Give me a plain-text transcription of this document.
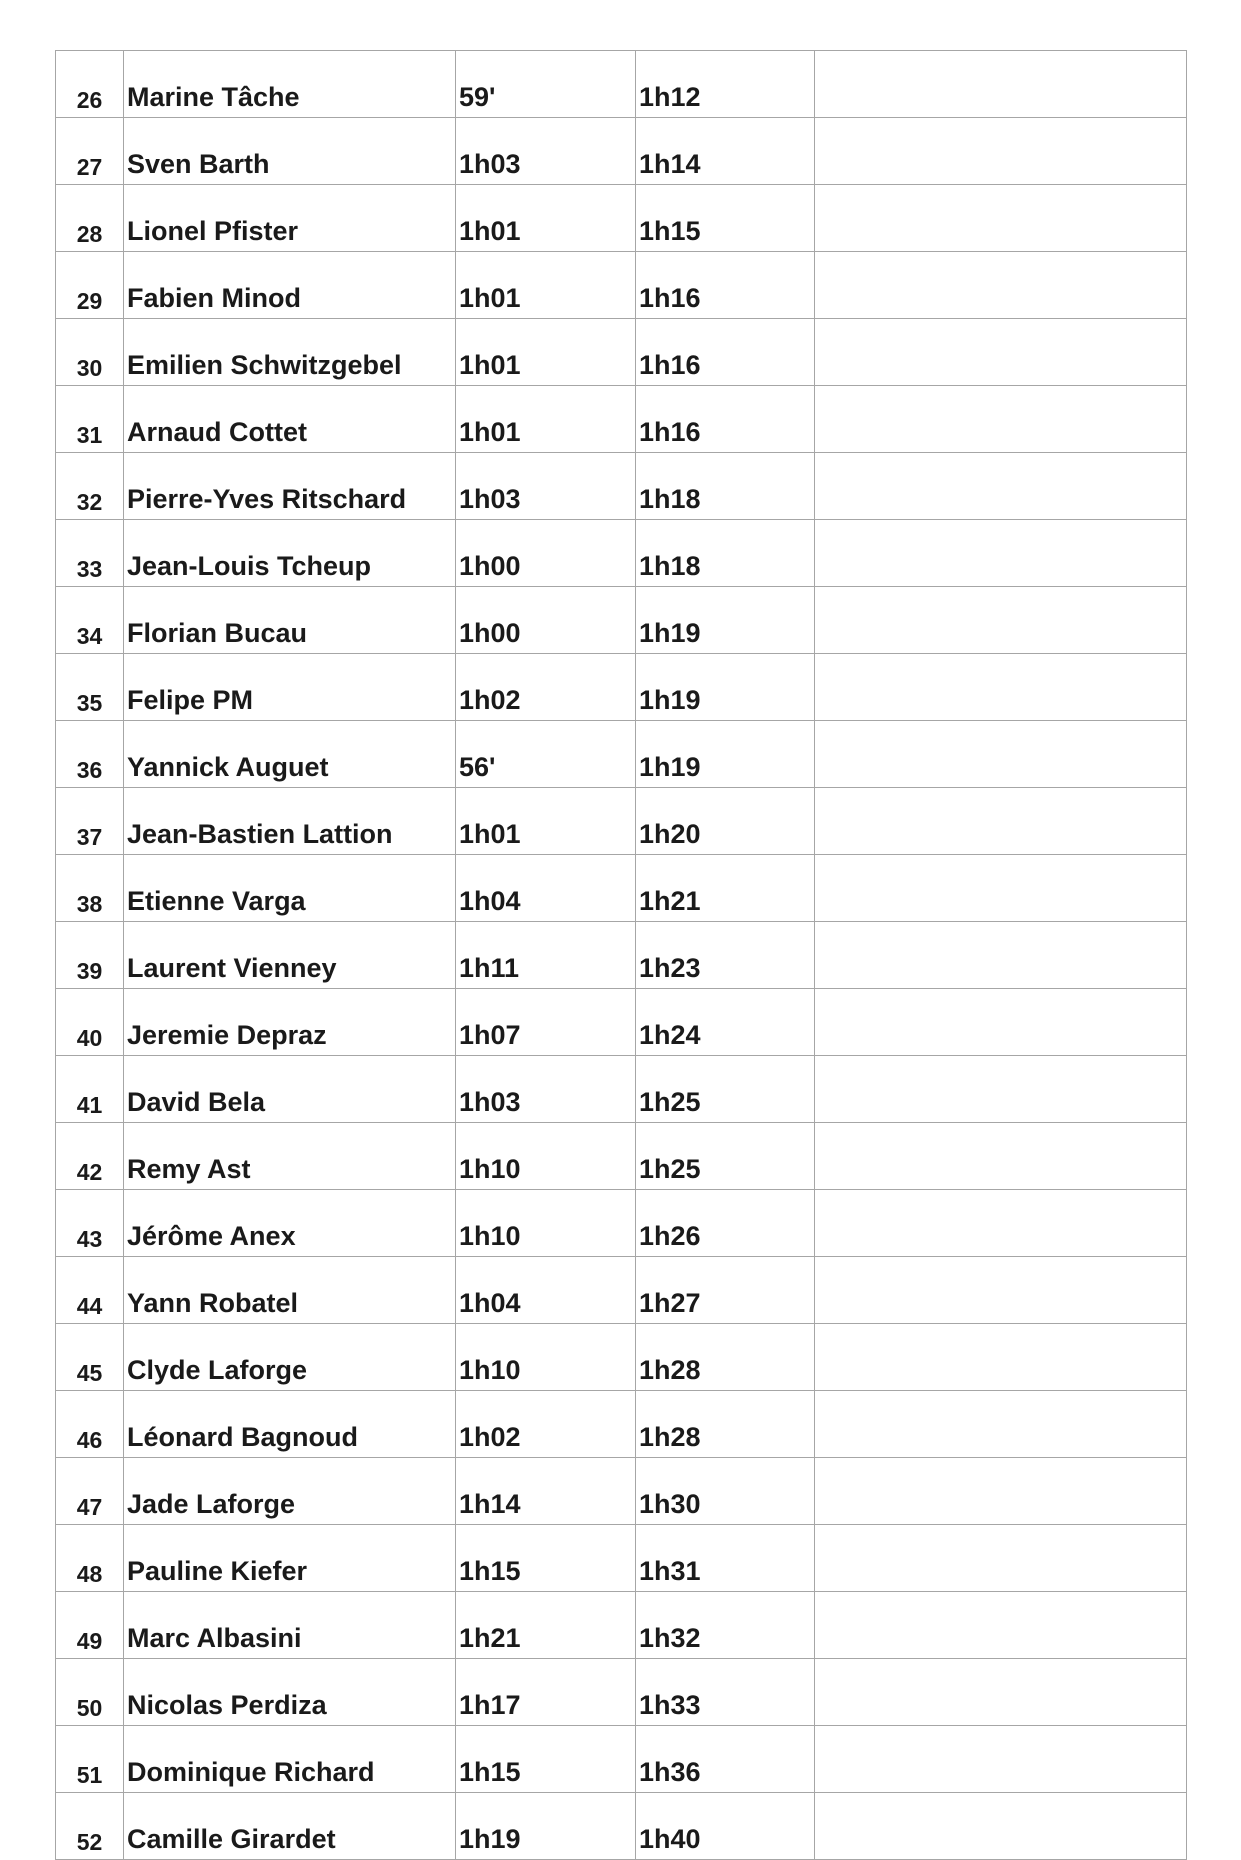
26	Marine Tâche	59'	1h12	
27	Sven Barth	1h03	1h14	
28	Lionel Pfister	1h01	1h15	
29	Fabien Minod	1h01	1h16	
30	Emilien Schwitzgebel	1h01	1h16	
31	Arnaud Cottet	1h01	1h16	
32	Pierre-Yves Ritschard	1h03	1h18	
33	Jean-Louis Tcheup	1h00	1h18	
34	Florian Bucau	1h00	1h19	
35	Felipe PM	1h02	1h19	
36	Yannick Auguet	56'	1h19	
37	Jean-Bastien Lattion	1h01	1h20	
38	Etienne Varga	1h04	1h21	
39	Laurent Vienney	1h11	1h23	
40	Jeremie Depraz	1h07	1h24	
41	David Bela	1h03	1h25	
42	Remy Ast	1h10	1h25	
43	Jérôme Anex	1h10	1h26	
44	Yann Robatel	1h04	1h27	
45	Clyde Laforge	1h10	1h28	
46	Léonard Bagnoud	1h02	1h28	
47	Jade Laforge	1h14	1h30	
48	Pauline Kiefer	1h15	1h31	
49	Marc Albasini	1h21	1h32	
50	Nicolas Perdiza	1h17	1h33	
51	Dominique Richard	1h15	1h36	
52	Camille Girardet	1h19	1h40	
